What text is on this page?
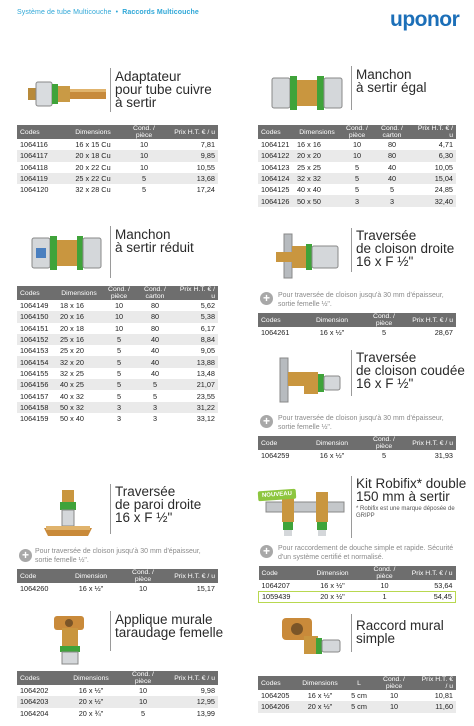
Système de tube Multicouche • Raccords Multicouche	uponor
Adaptateur
pour tube cuivre
à sertir
Codes	Dimensions	Cond. / pièce	Prix H.T. € / u
1064116	16 x 15 Cu	10	7,81
1064117	20 x 18 Cu	10	9,85
1064118	20 x 22 Cu	10	10,55
1064119	25 x 22 Cu	5	13,68
1064120	32 x 28 Cu	5	17,24
Manchon
à sertir réduit
Codes	Dimensions	Cond. / pièce	Cond. / carton	Prix H.T. € / u
1064149	18 x 16	10	80	5,62
1064150	20 x 16	10	80	5,38
1064151	20 x 18	10	80	6,17
1064152	25 x 16	5	40	8,84
1064153	25 x 20	5	40	9,05
1064154	32 x 20	5	40	13,88
1064155	32 x 25	5	40	13,48
1064156	40 x 25	5	5	21,07
1064157	40 x 32	5	5	23,55
1064158	50 x 32	3	3	31,22
1064159	50 x 40	3	3	33,12
Traversée
de paroi droite
16 x F ½"
+ Pour traversée de cloison jusqu'à 30 mm d'épaisseur,
sortie femelle ½".
Code	Dimension	Cond. / pièce	Prix H.T. € / u
1064260	16 x ½"	10	15,17
Applique murale
taraudage femelle
Codes	Dimensions	Cond. / pièce	Prix H.T. € / u
1064202	16 x ½"	10	9,98
1064203	20 x ½"	10	12,95
1064204	20 x ¾"	5	13,99
Manchon
à sertir égal
Codes	Dimensions	Cond. / pièce	Cond. / carton	Prix H.T. € / u
1064121	16 x 16	10	80	4,71
1064122	20 x 20	10	80	6,30
1064123	25 x 25	5	40	10,05
1064124	32 x 32	5	40	15,04
1064125	40 x 40	5	5	24,85
1064126	50 x 50	3	3	32,40
Traversée
de cloison droite
16 x F ½"
+	Pour traversée de cloison jusqu'à 30 mm d'épaisseur,
sortie femelle ½".
Codes	Dimension	Cond. / pièce	Prix H.T. € / u
1064261	16 x ½"	5	28,67
Traversée
de cloison coudée
16 x F ½"
+	Pour traversée de cloison jusqu'à 30 mm d'épaisseur,
sortie femelle ½".
Code	Dimension	Cond. / pièce	Prix H.T. € / u
1064259	16 x ½"	5	31,93
NOUVEAU
Kit Robifix* double
150 mm à sertir
* Robifix est une marque déposée de
GRIPP
+	Pour raccordement de douche simple et rapide. Sécurité
d'un système certifié et normalisé.
Code	Dimension	Cond. / pièce	Prix H.T. € / u
1064207	16 x ½"	10	53,64
1059439	20 x ½"	1	54,45
Raccord mural
simple
Codes	Dimensions	L	Cond. / pièce	Prix H.T. € / u
1064205	16 x ½"	5 cm	10	10,81
1064206	20 x ½"	5 cm	10	11,60
